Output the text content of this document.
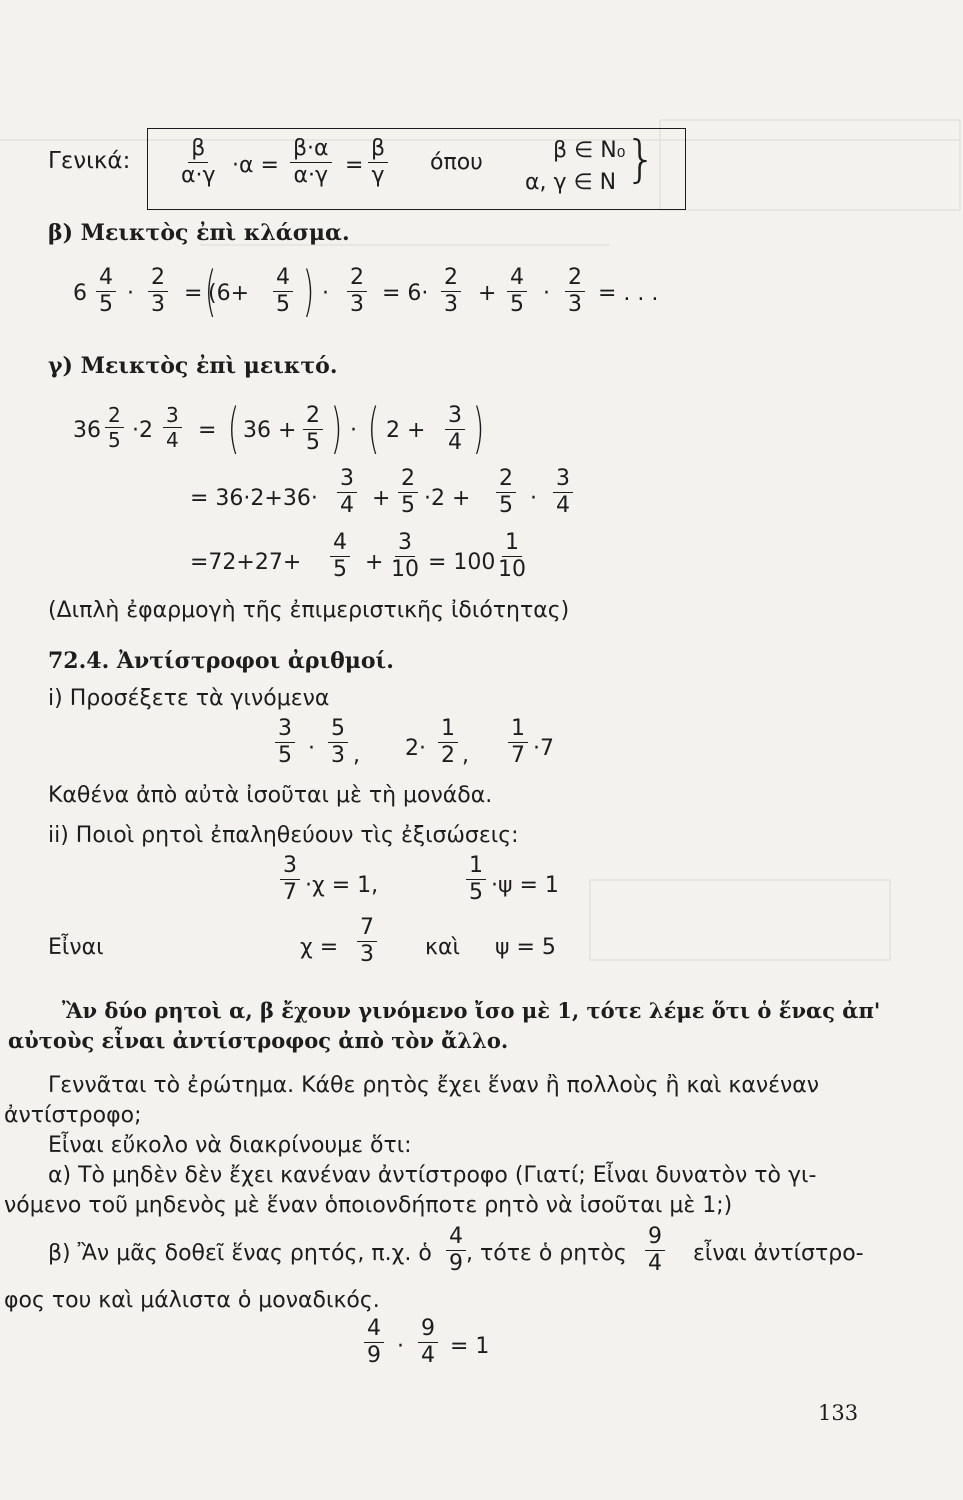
Γενικά: $\frac{\beta}{\alpha\cdot\gamma} \cdot\alpha = \frac{\beta\cdot\alpha}{\alpha\cdot\gamma} = \frac{\beta}{\gamma}$ όπου	β ∈ N₀
α, γ ∈ N }
β) Μεικτὸς ἐπὶ κλάσμα.
$6 \frac{4}{5} \cdot \frac{2}{3} = (6+$
(	$\frac{4}{5}$ ) · $\frac{2}{3} = 6\cdot \frac{2}{3} + \frac{4}{5} \cdot \frac{2}{3}$ = . . .
γ) Μεικτὸς ἐπὶ μεικτό.
$36 \frac{2}{5} \cdot 2 \frac{3}{4}$ = ( $36 + \frac{2}{5}$ ) · ( $2 + \frac{3}{4}$ )
= $36\cdot 2+36\cdot \frac{3}{4} + \frac{2}{5} \cdot 2 + \frac{2}{5} \cdot \frac{3}{4}$
$=72+27+ \frac{4}{5} + \frac{3}{10} = 100 \frac{1}{10}$
(Διπλὴ ἐφαρμογὴ τῆς ἐπιμεριστικῆς ἰδιότητας)
72.4. Ἀντίστροφοι ἀριθμοί.
i) Προσέξετε τὰ γινόμενα
$\frac{3}{5} \cdot \frac{5}{3}$ , $2\cdot \frac{1}{2}$ , $\frac{1}{7} \cdot 7$
Καθένα ἀπὸ αὐτὰ ἰσοῦται μὲ τὴ μονάδα.
ii) Ποιοὶ ρητοὶ ἐπαληθεύουν τὶς ἐξισώσεις:
$\frac{3}{7} \cdot\chi = 1$,	$\frac{1}{5} \cdot\psi = 1$
Εἶναι	$\chi = \frac{7}{3}$ καὶ ψ = 5
Ἂν δύο ρητοὶ α, β ἔχουν γινόμενο ἴσο μὲ 1, τότε λέμε ὅτι ὁ ἕνας ἀπ'
αὐτοὺς εἶναι ἀντίστροφος ἀπὸ τὸν ἄλλο.
Γεννᾶται τὸ ἐρώτημα. Κάθε ρητὸς ἔχει ἕναν ἢ πολλοὺς ἢ καὶ κανέναν
ἀντίστροφο;
Εἶναι εὔκολο νὰ διακρίνουμε ὅτι:
α) Τὸ μηδὲν δὲν ἔχει κανέναν ἀντίστροφο (Γιατί; Εἶναι δυνατὸν τὸ γι-
νόμενο τοῦ μηδενὸς μὲ ἕναν ὁποιονδήποτε ρητὸ νὰ ἰσοῦται μὲ 1;)
β) Ἂν μᾶς δοθεῖ ἕνας ρητός, π.χ. ὁ $\frac{4}{9}$ , τότε ὁ ρητὸς $\frac{9}{4}$ εἶναι ἀντίστρο-
φος του καὶ μάλιστα ὁ μοναδικός.
$\frac{4}{9} \cdot \frac{9}{4} = 1$
133
